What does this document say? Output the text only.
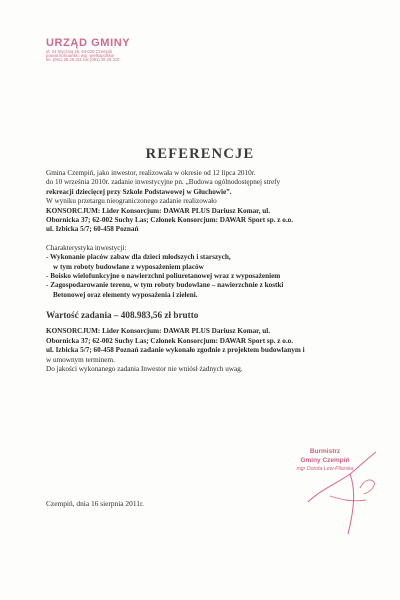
URZĄD GMINY
ul. 24 Stycznia 25, 64-020 Czempiń
powiat kościański, woj. wielkopolskie
tel. (061) 28 26 311 fax (061) 28 26 310
REFERENCJE
Gmina Czempiń, jako inwestor, realizowała w okresie od 12 lipca 2010r.
do 10 września 2010r. zadanie inwestycyjne pn. „Budowa ogólnodostępnej strefy
rekreacji dziecięcej przy Szkole Podstawowej w Głuchowie”.
W wyniku przetargu nieograniczonego zadanie realizowało
KONSORCJUM: Lider Konsorcjum: DAWAR PLUS Dariusz Komar, ul.
Obornicka 37; 62-002 Suchy Las; Członek Konsorcjum: DAWAR Sport sp. z o.o.
ul. Izbicka 5/7; 60-458 Poznań
Charakterystyka inwestycji:
- Wykonanie placów zabaw dla dzieci młodszych i starszych,
w tym roboty budowlane z wyposażeniem placów
- Boisko wielofunkcyjne o nawierzchni poliuretanowej wraz z wyposażeniem
- Zagospodarowanie terenu, w tym roboty budowlane – nawierzchnie z kostki
Betonowej oraz elementy wyposażenia i zieleni.
Wartość zadania – 408.983,56 zł brutto
KONSORCJUM: Lider Konsorcjum: DAWAR PLUS Dariusz Komar, ul.
Obornicka 37; 62-002 Suchy Las; Członek Konsorcjum: DAWAR Sport sp. z o.o.
ul. Izbicka 5/7; 60-458 Poznań zadanie wykonało zgodnie z projektem budowlanym i
w umownym terminem.
Do jakości wykonanego zadania Inwestor nie wniósł żadnych uwag.
Burmistrz
Gminy Czempiń
mgr Dorota Lew-Pilarska
Czempiń, dnia 16 sierpnia 2011r.
